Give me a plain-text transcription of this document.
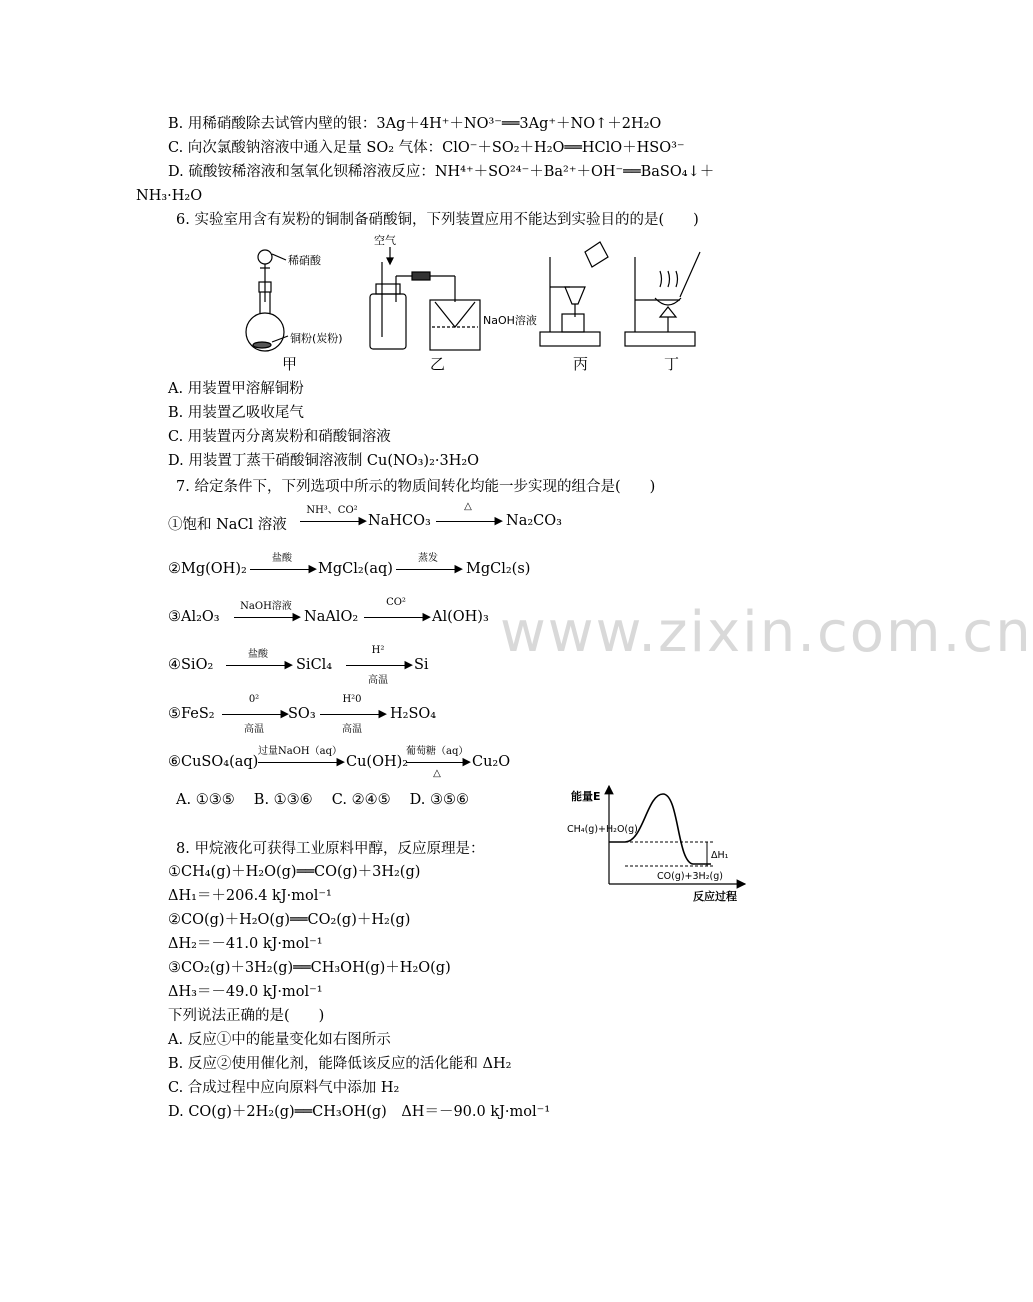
B. 用稀硝酸除去试管内壁的银：3Ag＋4H⁺＋NO³⁻══3Ag⁺＋NO↑＋2H₂O
C. 向次氯酸钠溶液中通入足量 SO₂ 气体：ClO⁻＋SO₂＋H₂O══HClO＋HSO³⁻
D. 硫酸铵稀溶液和氢氧化钡稀溶液反应：NH⁴⁺＋SO²⁴⁻＋Ba²⁺＋OH⁻══BaSO₄↓＋
NH₃·H₂O
6. 实验室用含有炭粉的铜制备硝酸铜，下列装置应用不能达到实验目的的是(　　)
稀硝酸
铜粉(炭粉)
空气
NaOH溶液
甲	乙	丙	丁
A. 用装置甲溶解铜粉
B. 用装置乙吸收尾气
C. 用装置丙分离炭粉和硝酸铜溶液
D. 用装置丁蒸干硝酸铜溶液制 Cu(NO₃)₂·3H₂O
7. 给定条件下，下列选项中所示的物质间转化均能一步实现的组合是(　　)
①饱和 NaCl 溶液
NH³、CO²
▶ NaHCO₃
△
▶ Na₂CO₃
②Mg(OH)₂
盐酸
▶ MgCl₂(aq)
蒸发
▶ MgCl₂(s)
③Al₂O₃
NaOH溶液
▶ NaAlO₂
CO²
▶ Al(OH)₃
④SiO₂
盐酸
▶ SiCl₄
H²
▶
高温
Si
⑤FeS₂
0²
▶
高温
SO₃
H²0
▶
高温
H₂SO₄
⑥CuSO₄(aq)
过量NaOH（aq）
▶ Cu(OH)₂
葡萄糖（aq）
▶
△
Cu₂O
A. ①③⑤　 B. ①③⑥　 C. ②④⑤　 D. ③⑤⑥	能量E
CH₄(g)+H₂O(g)
ΔH₁
CO(g)+3H₂(g)
反应过程
8. 甲烷液化可获得工业原料甲醇，反应原理是：
①CH₄(g)＋H₂O(g)══CO(g)＋3H₂(g)
ΔH₁＝＋206.4 kJ·mol⁻¹
②CO(g)＋H₂O(g)══CO₂(g)＋H₂(g)
ΔH₂＝－41.0 kJ·mol⁻¹
③CO₂(g)＋3H₂(g)══CH₃OH(g)＋H₂O(g)
ΔH₃＝－49.0 kJ·mol⁻¹
下列说法正确的是(　　)
A. 反应①中的能量变化如右图所示
B. 反应②使用催化剂，能降低该反应的活化能和 ΔH₂
C. 合成过程中应向原料气中添加 H₂
D. CO(g)＋2H₂(g)══CH₃OH(g)　ΔH＝－90.0 kJ·mol⁻¹
www.zixin.com.cn
